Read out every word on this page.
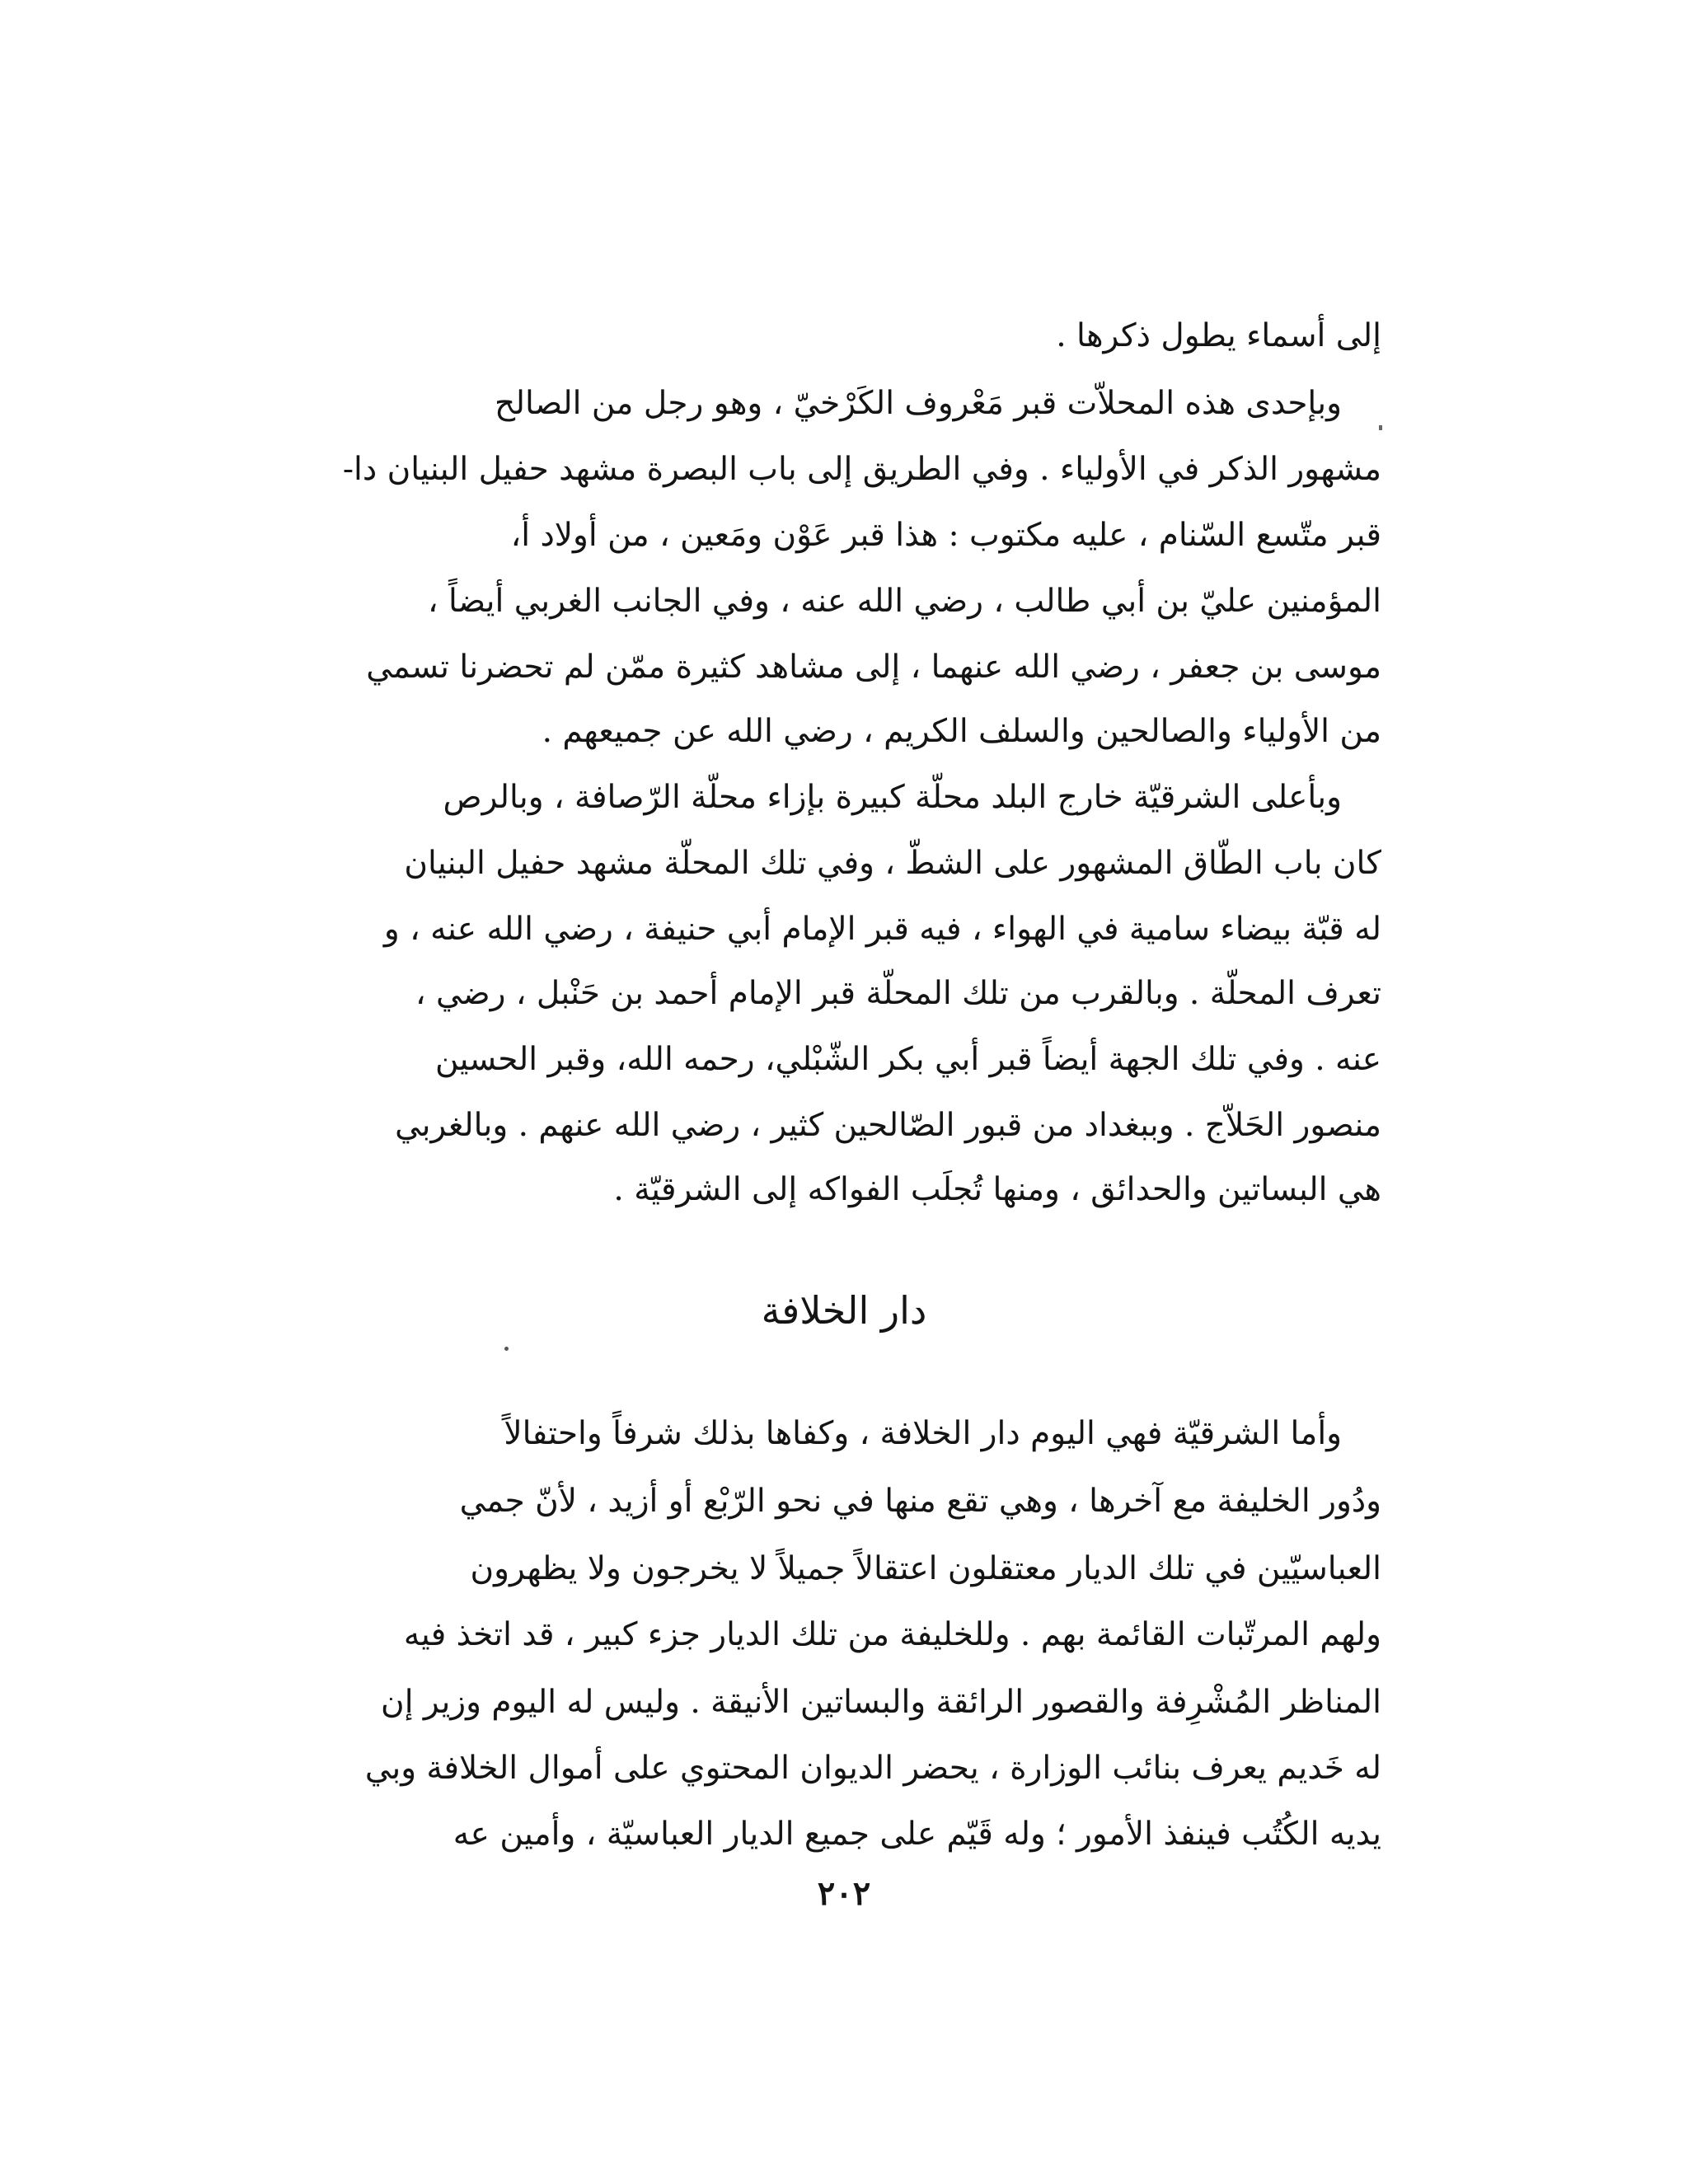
إلى أسماء يطول ذكرها .
وبإحدى هذه المحلاّت قبر مَعْروف الكَرْخيّ ، وهو رجل من الصالح
مشهور الذكر في الأولياء . وفي الطريق إلى باب البصرة مشهد حفيل البنيان دا-
قبر متّسع السّنام ، عليه مكتوب : هذا قبر عَوْن ومَعين ، من أولاد أ،
المؤمنين عليّ بن أبي طالب ، رضي الله عنه ، وفي الجانب الغربي أيضاً ،
موسى بن جعفر ، رضي الله عنهما ، إلى مشاهد كثيرة ممّن لم تحضرنا تسمي
من الأولياء والصالحين والسلف الكريم ، رضي الله عن جميعهم .
وبأعلى الشرقيّة خارج البلد محلّة كبيرة بإزاء محلّة الرّصافة ، وبالرص
كان باب الطّاق المشهور على الشطّ ، وفي تلك المحلّة مشهد حفيل البنيان
له قبّة بيضاء سامية في الهواء ، فيه قبر الإمام أبي حنيفة ، رضي الله عنه ، و
تعرف المحلّة . وبالقرب من تلك المحلّة قبر الإمام أحمد بن حَنْبل ، رضي ،
عنه . وفي تلك الجهة أيضاً قبر أبي بكر الشّبْلي، رحمه الله، وقبر الحسين
منصور الحَلاّج . وببغداد من قبور الصّالحين كثير ، رضي الله عنهم . وبالغربي
هي البساتين والحدائق ، ومنها تُجلَب الفواكه إلى الشرقيّة .
دار الخلافة
وأما الشرقيّة فهي اليوم دار الخلافة ، وكفاها بذلك شرفاً واحتفالاً
ودُور الخليفة مع آخرها ، وهي تقع منها في نحو الرّبْع أو أزيد ، لأنّ جمي
العباسيّين في تلك الديار معتقلون اعتقالاً جميلاً لا يخرجون ولا يظهرون
ولهم المرتّبات القائمة بهم . وللخليفة من تلك الديار جزء كبير ، قد اتخذ فيه
المناظر المُشْرِفة والقصور الرائقة والبساتين الأنيقة . وليس له اليوم وزير إن
له خَديم يعرف بنائب الوزارة ، يحضر الديوان المحتوي على أموال الخلافة وبي
يديه الكُتُب فينفذ الأمور ؛ وله قَيّم على جميع الديار العباسيّة ، وأمين عه
٢٠٢
